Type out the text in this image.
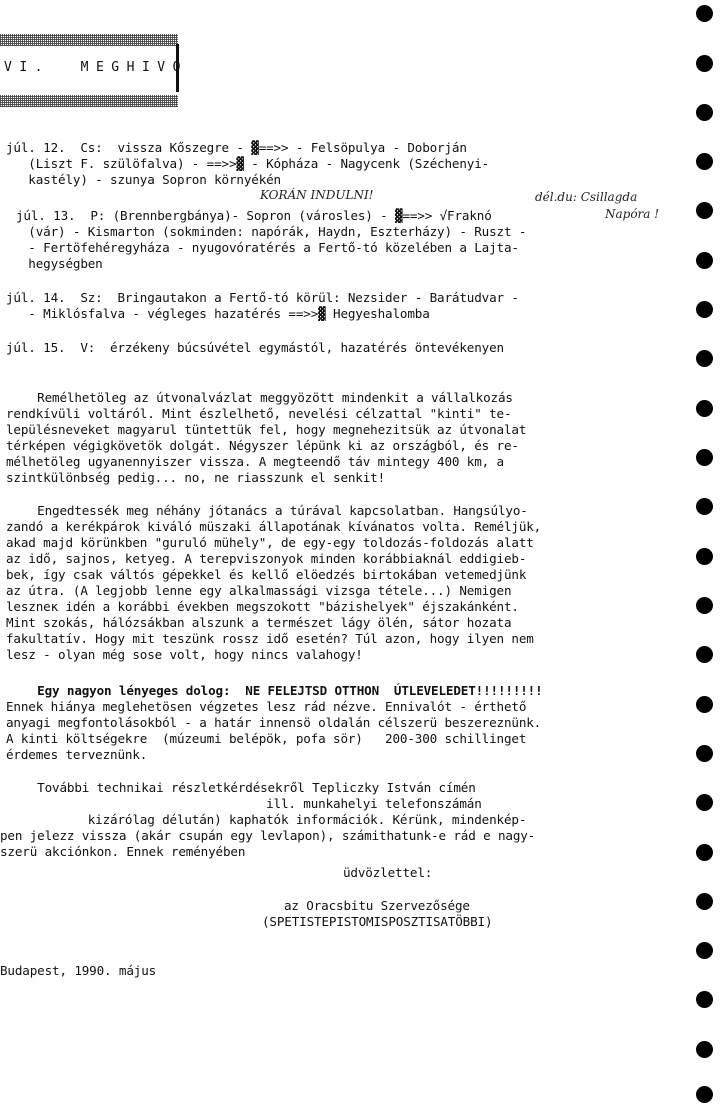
VI.  MEGHIVO
júl. 12.  Cs:  vissza Kőszegre - ▓==>> - Felsöpulya - Doborján
(Liszt F. szülöfalva) - ==>>▓ - Kópháza - Nagycenk (Széchenyi-
kastély) - szunya Sopron környékén
júl. 13.  P: (Brennbergbánya)- Sopron (városles) - ▓==>> √Fraknó
(vár) - Kismarton (sokminden: napórák, Haydn, Eszterházy) - Ruszt -
- Fertöfehéregyháza - nyugovóratérés a Fertő-tó közelében a Lajta-
hegységben
júl. 14.  Sz:  Bringautakon a Fertő-tó körül: Nezsider - Barátudvar -
- Miklósfalva - végleges hazatérés ==>>▓ Hegyeshalomba
júl. 15.  V:  érzékeny búcsúvétel egymástól, hazatérés öntevékenyen
KORÁN INDULNI!	dél.du: Csillagda
Napóra !
Remélhetöleg az útvonalvázlat meggyözött mindenkit a vállalkozás
rendkívüli voltáról. Mint észlelhető, nevelési célzattal "kinti" te-
lepülésneveket magyarul tüntettük fel, hogy megnehezitsük az útvonalat
térképen végigkövetök dolgát. Négyszer lépünk ki az országból, és re-
mélhetöleg ugyanennyiszer vissza. A megteendő táv mintegy 400 km, a
szintkülönbség pedig... no, ne riasszunk el senkit!
Engedtessék meg néhány jótanács a túrával kapcsolatban. Hangsúlyo-
zandó a kerékpárok kiváló müszaki állapotának kívánatos volta. Reméljük,
akad majd körünkben "guruló mühely", de egy-egy toldozás-foldozás alatt
az idő, sajnos, ketyeg. A terepviszonyok minden korábbiaknál eddigieb-
bek, így csak váltós gépekkel és kellő elöedzés birtokában vetemedjünk
az útra. (A legjobb lenne egy alkalmassági vizsga tétele...) Nemigen
leszneк idén a korábbi években megszokott "bázishelyek" éjszakánként.
Mint szokás, hálózsákban alszunk a természet lágy ölén, sátor hozata
fakultatív. Hogy mit teszünk rossz idő esetén? Túl azon, hogy ilyen nem
lesz - olyan még sose volt, hogy nincs valahogy!
Egy nagyon lényeges dolog:  NE FELEJTSD OTTHON  ÚTLEVELEDET!!!!!!!!!
Ennek hiánya meglehetösen végzetes lesz rád nézve. Ennivalót - érthető
anyagi megfontolásokból - a határ innensö oldalán célszerü beszereznünk.
A kinti költségekre  (múzeumi belépök, pofa sör)   200-300 schillinget
érdemes terveznünk.
További technikai részletkérdésekről Tepliczky István címén
ill. munkahelyi telefonszámán
kizárólag délután) kaphatók információk. Kérünk, mindenkép-
pen jelezz vissza (akár csupán egy levlapon), számithatunk-e rád e nagy-
szerü akciónkon. Ennek reményében
üdvözlettel:
az Oracsbitu Szervezősége
(SPETISTEPISTOMISPOSZTISATÖBBI)
Budapest, 1990. május
